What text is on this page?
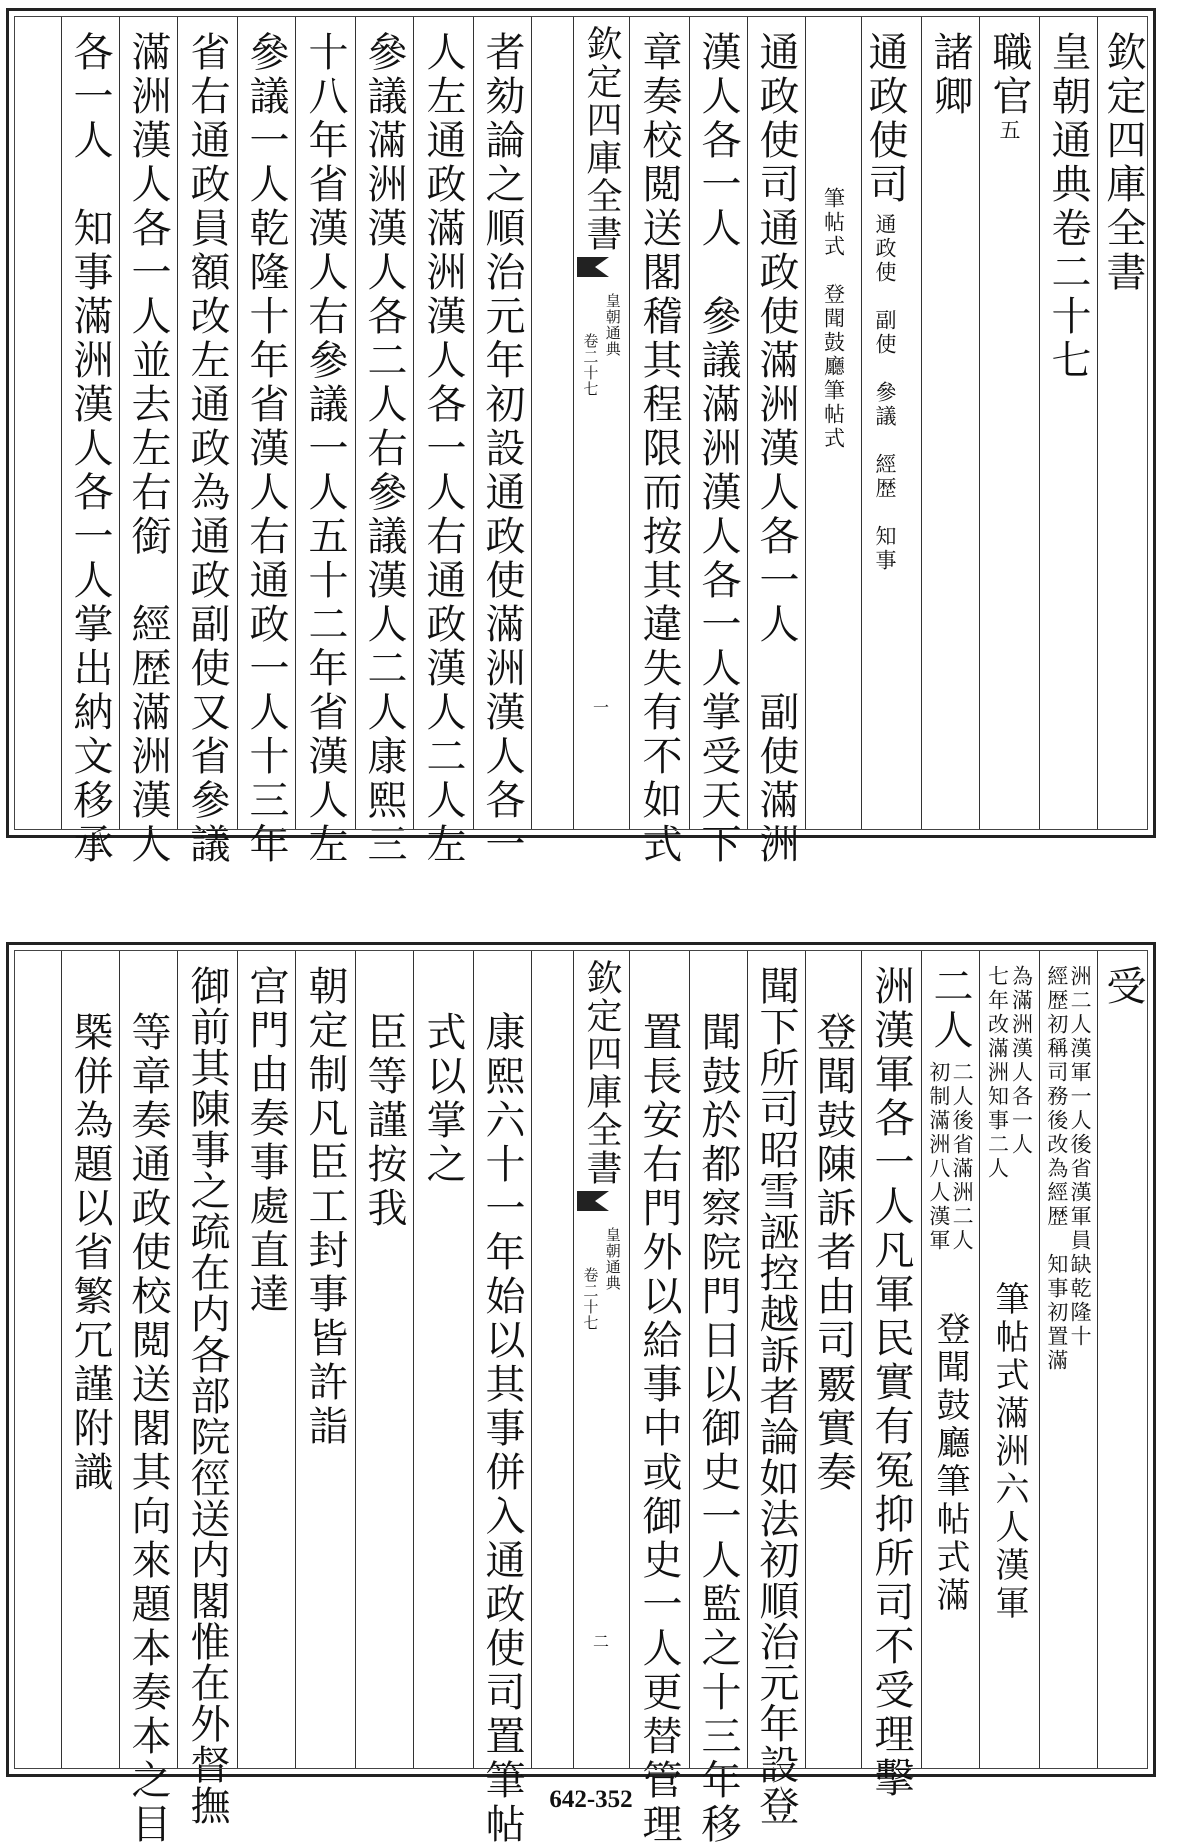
欽定四庫全書
皇朝通典卷二十七
職官五
諸卿
通政使司通政使　副使　參議　經歴　知事
筆帖式　登聞鼓廳筆帖式
通政使司通政使滿洲漢人各一人　副使滿洲
漢人各一人　參議滿洲漢人各一人掌受天下
章奏校閲送閣稽其程限而按其違失有不如式
欽定四庫全書
皇朝通典
卷二十七
一
者劾論之順治元年初設通政使滿洲漢人各一
人左通政滿洲漢人各一人右通政漢人二人左
參議滿洲漢人各二人右參議漢人二人康熙三
十八年省漢人右參議一人五十二年省漢人左
參議一人乾隆十年省漢人右通政一人十三年
省右通政員額改左通政為通政副使又省參議
滿洲漢人各一人並去左右銜　經歴滿洲漢人
各一人　知事滿洲漢人各一人掌出納文移承
受
經歴初稱司務後改為經歴　知事初置滿 洲二人漢軍一人後省漢軍員缺乾隆十
七年改滿洲知事二人 為滿洲漢人各一人
筆帖式滿洲六人漢軍
二人
初制滿洲八人漢軍 二人後省滿洲二人
登聞鼓廳筆帖式滿
洲漢軍各一人凡軍民實有冤抑所司不受理擊
登聞鼓陳訴者由司覈實奏
聞下所司昭雪誣控越訴者論如法初順治元年設登
聞鼓於都察院門日以御史一人監之十三年移
置長安右門外以給事中或御史一人更替管理
欽定四庫全書
皇朝通典
卷二十七
二
康熙六十一年始以其事併入通政使司置筆帖
式以掌之
臣等謹按我
朝定制凡臣工封事皆許詣
宫門由奏事處直達
御前其陳事之疏在内各部院徑送内閣惟在外督撫
等章奏通政使校閲送閣其向來題本奏本之目
槩併為題以省繁冗謹附識
642-352
